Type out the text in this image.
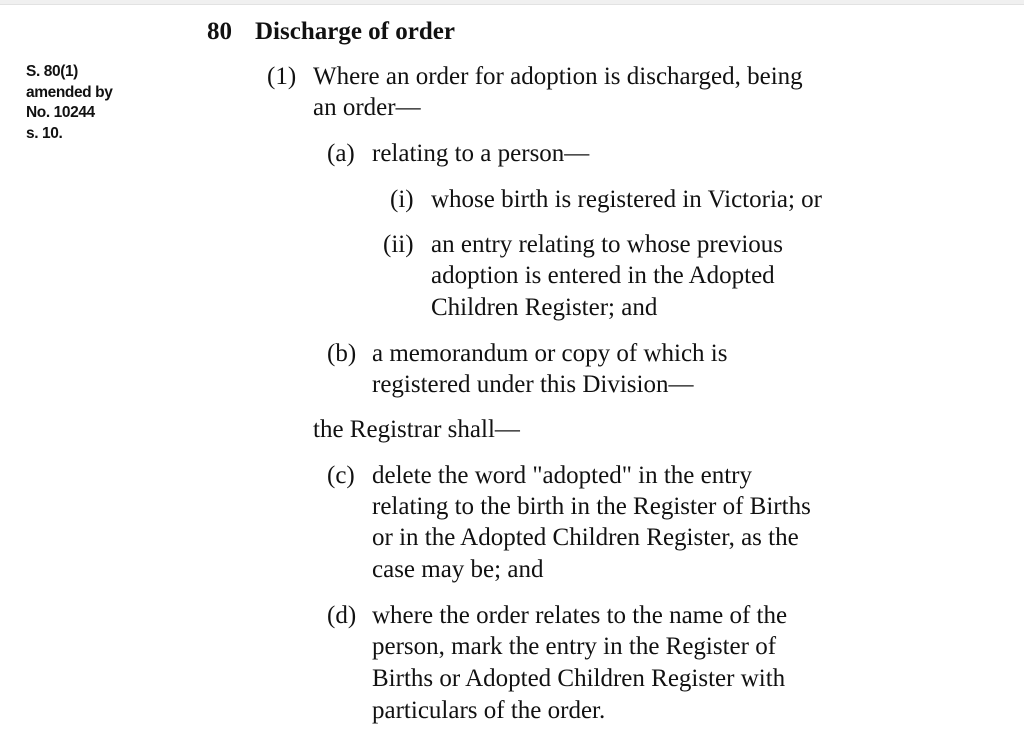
S. 80(1)
amended by
No. 10244
s. 10.
80 Discharge of order
(1) Where an order for adoption is discharged, being
an order—
(a) relating to a person—
(i) whose birth is registered in Victoria; or
(ii) an entry relating to whose previous
adoption is entered in the Adopted
Children Register; and
(b) a memorandum or copy of which is
registered under this Division—
the Registrar shall—
(c) delete the word "adopted" in the entry
relating to the birth in the Register of Births
or in the Adopted Children Register, as the
case may be; and
(d) where the order relates to the name of the
person, mark the entry in the Register of
Births or Adopted Children Register with
particulars of the order.
